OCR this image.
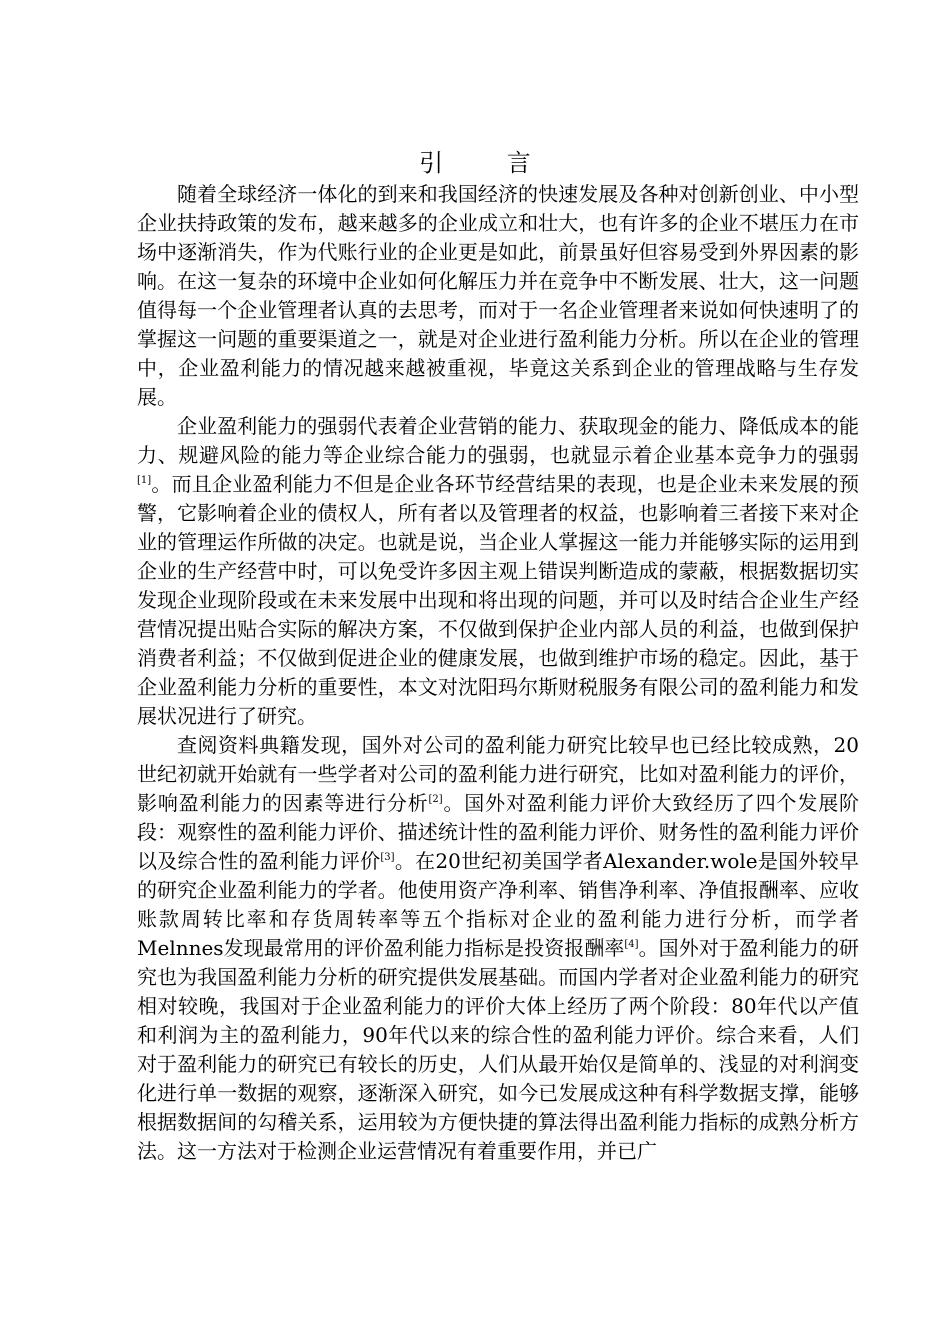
引 言

随着全球经济一体化的到来和我国经济的快速发展及各种对创新创业、中小型企业扶持政策的发布，越来越多的企业成立和壮大，也有许多的企业不堪压力在市场中逐渐消失，作为代账行业的企业更是如此，前景虽好但容易受到外界因素的影响。在这一复杂的环境中企业如何化解压力并在竞争中不断发展、壮大，这一问题值得每一个企业管理者认真的去思考，而对于一名企业管理者来说如何快速明了的掌握这一问题的重要渠道之一，就是对企业进行盈利能力分析。所以在企业的管理中，企业盈利能力的情况越来越被重视，毕竟这关系到企业的管理战略与生存发展。

企业盈利能力的强弱代表着企业营销的能力、获取现金的能力、降低成本的能力、规避风险的能力等企业综合能力的强弱，也就显示着企业基本竞争力的强弱[1]。而且企业盈利能力不但是企业各环节经营结果的表现，也是企业未来发展的预警，它影响着企业的债权人，所有者以及管理者的权益，也影响着三者接下来对企业的管理运作所做的决定。也就是说，当企业人掌握这一能力并能够实际的运用到企业的生产经营中时，可以免受许多因主观上错误判断造成的蒙蔽，根据数据切实发现企业现阶段或在未来发展中出现和将出现的问题，并可以及时结合企业生产经营情况提出贴合实际的解决方案，不仅做到保护企业内部人员的利益，也做到保护消费者利益；不仅做到促进企业的健康发展，也做到维护市场的稳定。因此，基于企业盈利能力分析的重要性，本文对沈阳玛尔斯财税服务有限公司的盈利能力和发展状况进行了研究。

查阅资料典籍发现，国外对公司的盈利能力研究比较早也已经比较成熟，20世纪初就开始就有一些学者对公司的盈利能力进行研究，比如对盈利能力的评价，影响盈利能力的因素等进行分析[2]。国外对盈利能力评价大致经历了四个发展阶段：观察性的盈利能力评价、描述统计性的盈利能力评价、财务性的盈利能力评价以及综合性的盈利能力评价[3]。在20世纪初美国学者Alexander.wole是国外较早的研究企业盈利能力的学者。他使用资产净利率、销售净利率、净值报酬率、应收账款周转比率和存货周转率等五个指标对企业的盈利能力进行分析，而学者Melnnes发现最常用的评价盈利能力指标是投资报酬率[4]。国外对于盈利能力的研究也为我国盈利能力分析的研究提供发展基础。而国内学者对企业盈利能力的研究相对较晚，我国对于企业盈利能力的评价大体上经历了两个阶段：80年代以产值和利润为主的盈利能力，90年代以来的综合性的盈利能力评价。综合来看，人们对于盈利能力的研究已有较长的历史，人们从最开始仅是简单的、浅显的对利润变化进行单一数据的观察，逐渐深入研究，如今已发展成这种有科学数据支撑，能够根据数据间的勾稽关系，运用较为方便快捷的算法得出盈利能力指标的成熟分析方法。这一方法对于检测企业运营情况有着重要作用，并已广
